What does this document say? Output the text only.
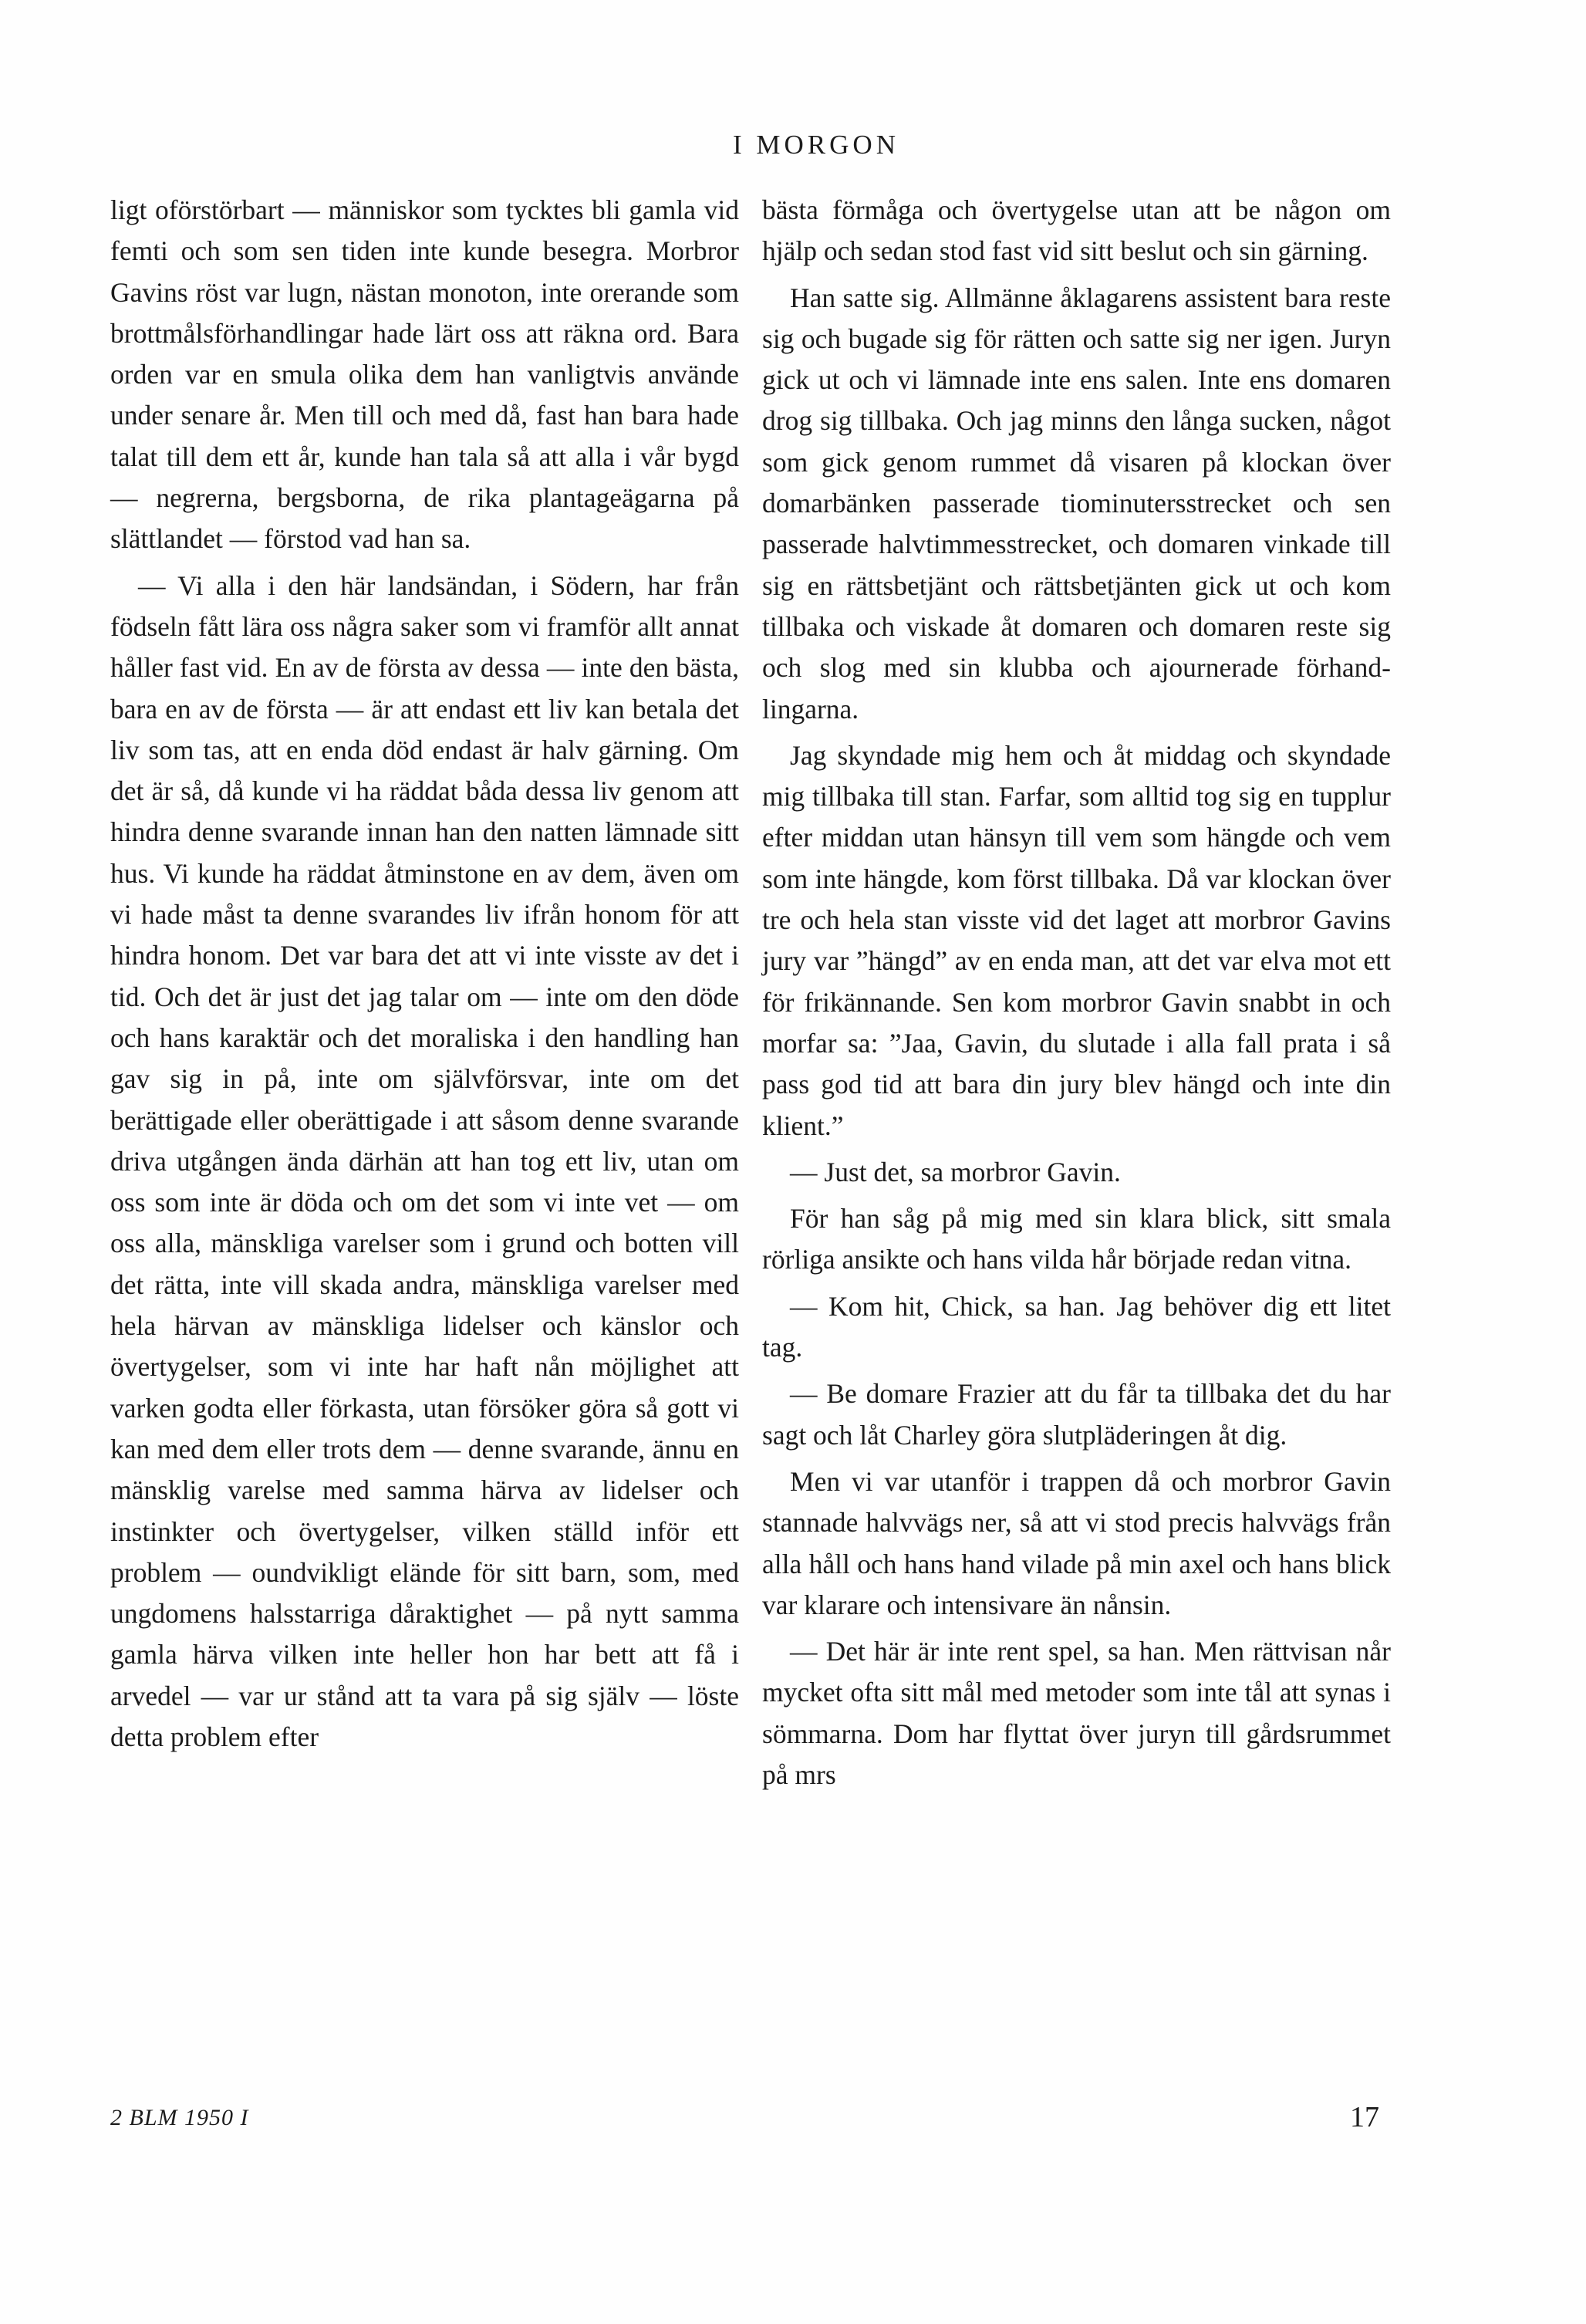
I MORGON

ligt oförstörbart — människor som tycktes bli gamla vid femti och som sen tiden inte kunde besegra. Morbror Gavins röst var lugn, nästan monoton, inte orerande som brottmålsförhandlingar hade lärt oss att räkna ord. Bara orden var en smula olika dem han vanligtvis använde under senare år. Men till och med då, fast han bara hade talat till dem ett år, kunde han tala så att alla i vår bygd — negrerna, bergsborna, de rika plantageägarna på slättlandet — förstod vad han sa.

— Vi alla i den här landsändan, i Södern, har från födseln fått lära oss några saker som vi framför allt annat håller fast vid. En av de första av dessa — inte den bästa, bara en av de första — är att endast ett liv kan betala det liv som tas, att en enda död endast är halv gärning. Om det är så, då kunde vi ha räddat båda dessa liv genom att hindra denne svarande innan han den natten lämnade sitt hus. Vi kunde ha räddat åtminstone en av dem, även om vi hade måst ta denne svarandes liv ifrån honom för att hindra honom. Det var bara det att vi inte visste av det i tid. Och det är just det jag talar om — inte om den döde och hans karaktär och det moraliska i den handling han gav sig in på, inte om självförsvar, inte om det berättigade eller oberättigade i att såsom denne svarande driva utgången ända därhän att han tog ett liv, utan om oss som inte är döda och om det som vi inte vet — om oss alla, mänskliga varelser som i grund och botten vill det rätta, inte vill skada andra, mänskliga varelser med hela härvan av mänskliga lidelser och känslor och övertygelser, som vi inte har haft nån möjlighet att varken godta eller förkasta, utan försöker göra så gott vi kan med dem eller trots dem — denne svarande, ännu en mänsklig varelse med samma härva av lidelser och instinkter och övertygelser, vilken ställd inför ett problem — oundvikligt elände för sitt barn, som, med ungdomens halsstarriga dåraktighet — på nytt samma gamla härva vilken inte heller hon har bett att få i arvedel — var ur stånd att ta vara på sig själv — löste detta problem efter

bästa förmåga och övertygelse utan att be någon om hjälp och sedan stod fast vid sitt beslut och sin gärning.

Han satte sig. Allmänne åklagarens assistent bara reste sig och bugade sig för rätten och satte sig ner igen. Juryn gick ut och vi lämnade inte ens salen. Inte ens domaren drog sig tillbaka. Och jag minns den långa sucken, något som gick genom rummet då visaren på klockan över domarbänken passerade tiominutersstrecket och sen passerade halvtimmesstrecket, och domaren vinkade till sig en rättsbetjänt och rättsbetjänten gick ut och kom tillbaka och viskade åt domaren och domaren reste sig och slog med sin klubba och ajournerade förhandlingarna.

Jag skyndade mig hem och åt middag och skyndade mig tillbaka till stan. Farfar, som alltid tog sig en tupplur efter middan utan hänsyn till vem som hängde och vem som inte hängde, kom först tillbaka. Då var klockan över tre och hela stan visste vid det laget att morbror Gavins jury var ”hängd” av en enda man, att det var elva mot ett för frikännande. Sen kom morbror Gavin snabbt in och morfar sa: ”Jaa, Gavin, du slutade i alla fall prata i så pass god tid att bara din jury blev hängd och inte din klient.”

— Just det, sa morbror Gavin.

För han såg på mig med sin klara blick, sitt smala rörliga ansikte och hans vilda hår började redan vitna.

— Kom hit, Chick, sa han. Jag behöver dig ett litet tag.

— Be domare Frazier att du får ta tillbaka det du har sagt och låt Charley göra slutpläderingen åt dig.

Men vi var utanför i trappen då och morbror Gavin stannade halvvägs ner, så att vi stod precis halvvägs från alla håll och hans hand vilade på min axel och hans blick var klarare och intensivare än nånsin.

— Det här är inte rent spel, sa han. Men rättvisan når mycket ofta sitt mål med metoder som inte tål att synas i sömmarna. Dom har flyttat över juryn till gårdsrummet på mrs

2 BLM 1950 I	17
